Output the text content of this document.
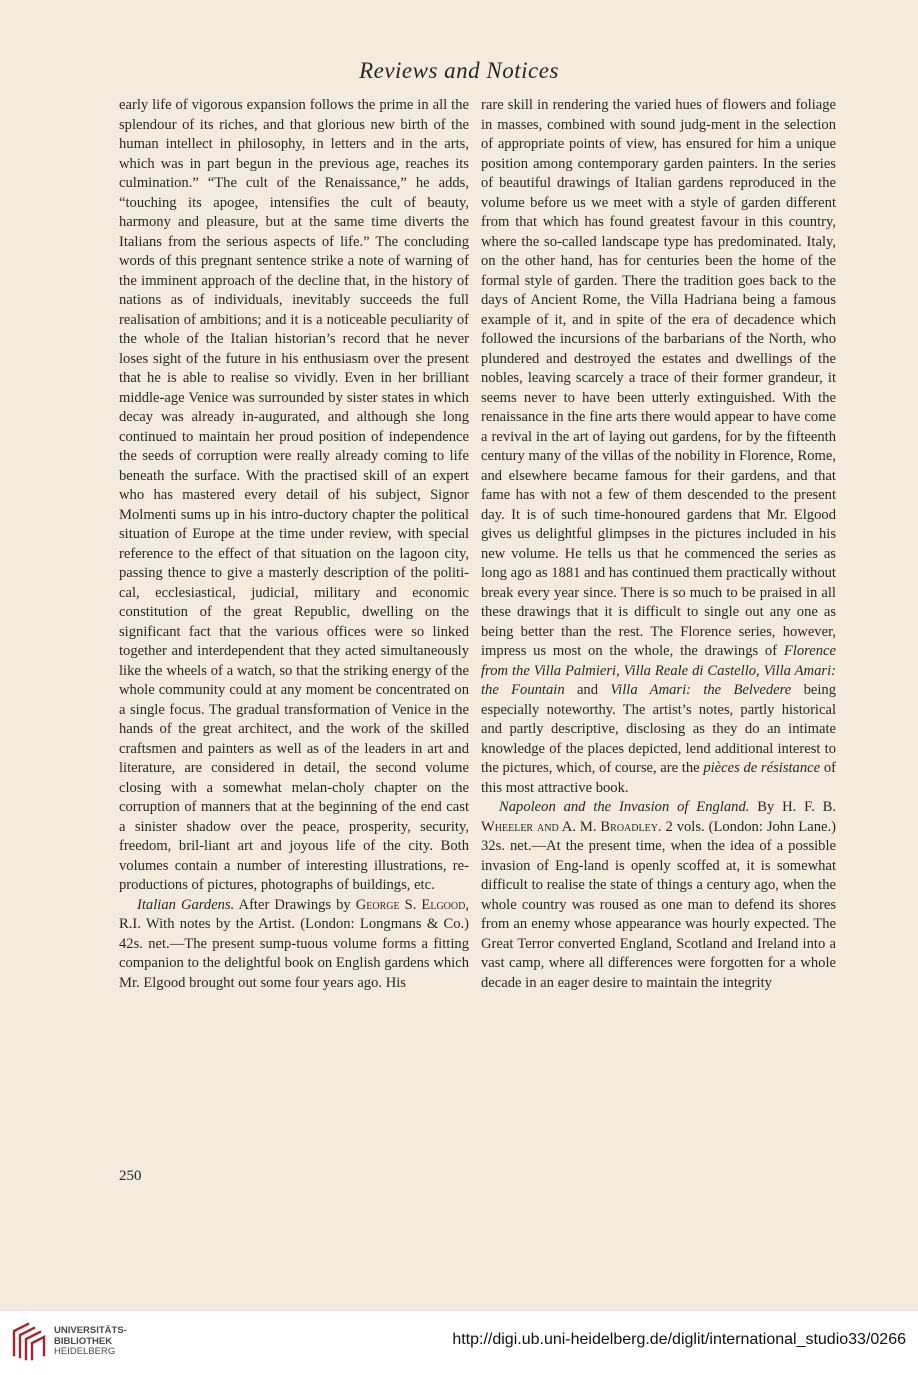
Reviews and Notices

early life of vigorous expansion follows the prime in all the splendour of its riches, and that glorious new birth of the human intellect in philosophy, in letters and in the arts, which was in part begun in the previous age, reaches its culmination.” “The cult of the Renaissance,” he adds, “touching its apogee, intensifies the cult of beauty, harmony and pleasure, but at the same time diverts the Italians from the serious aspects of life.” The concluding words of this pregnant sentence strike a note of warning of the imminent approach of the decline that, in the history of nations as of individuals, inevitably succeeds the full realisation of ambitions; and it is a noticeable peculiarity of the whole of the Italian historian’s record that he never loses sight of the future in his enthusiasm over the present that he is able to realise so vividly. Even in her brilliant middle-age Venice was surrounded by sister states in which decay was already in-augurated, and although she long continued to maintain her proud position of independence the seeds of corruption were really already coming to life beneath the surface. With the practised skill of an expert who has mastered every detail of his subject, Signor Molmenti sums up in his intro-ductory chapter the political situation of Europe at the time under review, with special reference to the effect of that situation on the lagoon city, passing thence to give a masterly description of the politi-cal, ecclesiastical, judicial, military and economic constitution of the great Republic, dwelling on the significant fact that the various offices were so linked together and interdependent that they acted simultaneously like the wheels of a watch, so that the striking energy of the whole community could at any moment be concentrated on a single focus. The gradual transformation of Venice in the hands of the great architect, and the work of the skilled craftsmen and painters as well as of the leaders in art and literature, are considered in detail, the second volume closing with a somewhat melan-choly chapter on the corruption of manners that at the beginning of the end cast a sinister shadow over the peace, prosperity, security, freedom, bril-liant art and joyous life of the city. Both volumes contain a number of interesting illustrations, re-productions of pictures, photographs of buildings, etc.

Italian Gardens. After Drawings by George S. Elgood, R.I. With notes by the Artist. (London: Longmans & Co.) 42s. net.—The present sump-tuous volume forms a fitting companion to the delightful book on English gardens which Mr. Elgood brought out some four years ago. His

rare skill in rendering the varied hues of flowers and foliage in masses, combined with sound judg-ment in the selection of appropriate points of view, has ensured for him a unique position among contemporary garden painters. In the series of beautiful drawings of Italian gardens reproduced in the volume before us we meet with a style of garden different from that which has found greatest favour in this country, where the so-called landscape type has predominated. Italy, on the other hand, has for centuries been the home of the formal style of garden. There the tradition goes back to the days of Ancient Rome, the Villa Hadriana being a famous example of it, and in spite of the era of decadence which followed the incursions of the barbarians of the North, who plundered and destroyed the estates and dwellings of the nobles, leaving scarcely a trace of their former grandeur, it seems never to have been utterly extinguished. With the renaissance in the fine arts there would appear to have come a revival in the art of laying out gardens, for by the fifteenth century many of the villas of the nobility in Florence, Rome, and elsewhere became famous for their gardens, and that fame has with not a few of them descended to the present day. It is of such time-honoured gardens that Mr. Elgood gives us delightful glimpses in the pictures included in his new volume. He tells us that he commenced the series as long ago as 1881 and has continued them practically without break every year since. There is so much to be praised in all these drawings that it is difficult to single out any one as being better than the rest. The Florence series, however, impress us most on the whole, the drawings of Florence from the Villa Palmieri, Villa Reale di Castello, Villa Amari: the Fountain and Villa Amari: the Belvedere being especially noteworthy. The artist’s notes, partly historical and partly descriptive, disclosing as they do an intimate knowledge of the places depicted, lend additional interest to the pictures, which, of course, are the pièces de résistance of this most attractive book.

Napoleon and the Invasion of England. By H. F. B. Wheeler and A. M. Broadley. 2 vols. (London: John Lane.) 32s. net.—At the present time, when the idea of a possible invasion of Eng-land is openly scoffed at, it is somewhat difficult to realise the state of things a century ago, when the whole country was roused as one man to defend its shores from an enemy whose appearance was hourly expected. The Great Terror converted England, Scotland and Ireland into a vast camp, where all differences were forgotten for a whole decade in an eager desire to maintain the integrity

250
UNIVERSITÄTS-
BIBLIOTHEK
HEIDELBERG
http://digi.ub.uni-heidelberg.de/diglit/international_studio33/0266
